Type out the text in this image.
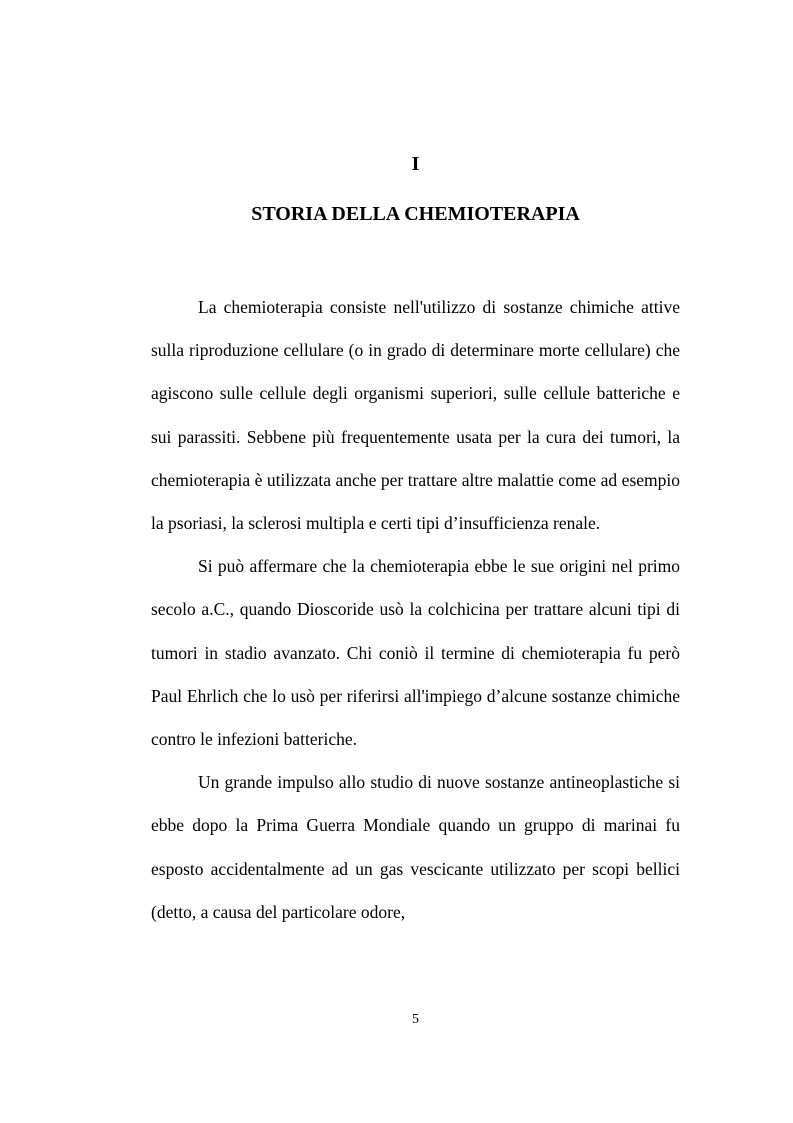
I
STORIA DELLA CHEMIOTERAPIA

La chemioterapia consiste nell'utilizzo di sostanze chimiche attive sulla riproduzione cellulare (o in grado di determinare morte cellulare) che agiscono sulle cellule degli organismi superiori, sulle cellule batteriche e sui parassiti. Sebbene più frequentemente usata per la cura dei tumori, la chemioterapia è utilizzata anche per trattare altre malattie come ad esempio la psoriasi, la sclerosi multipla e certi tipi d’insufficienza renale.

Si può affermare che la chemioterapia ebbe le sue origini nel primo secolo a.C., quando Dioscoride usò la colchicina per trattare alcuni tipi di tumori in stadio avanzato. Chi coniò il termine di chemioterapia fu però Paul Ehrlich che lo usò per riferirsi all'impiego d’alcune sostanze chimiche contro le infezioni batteriche.

Un grande impulso allo studio di nuove sostanze antineoplastiche si ebbe dopo la Prima Guerra Mondiale quando un gruppo di marinai fu esposto accidentalmente ad un gas vescicante utilizzato per scopi bellici (detto, a causa del particolare odore,

5
